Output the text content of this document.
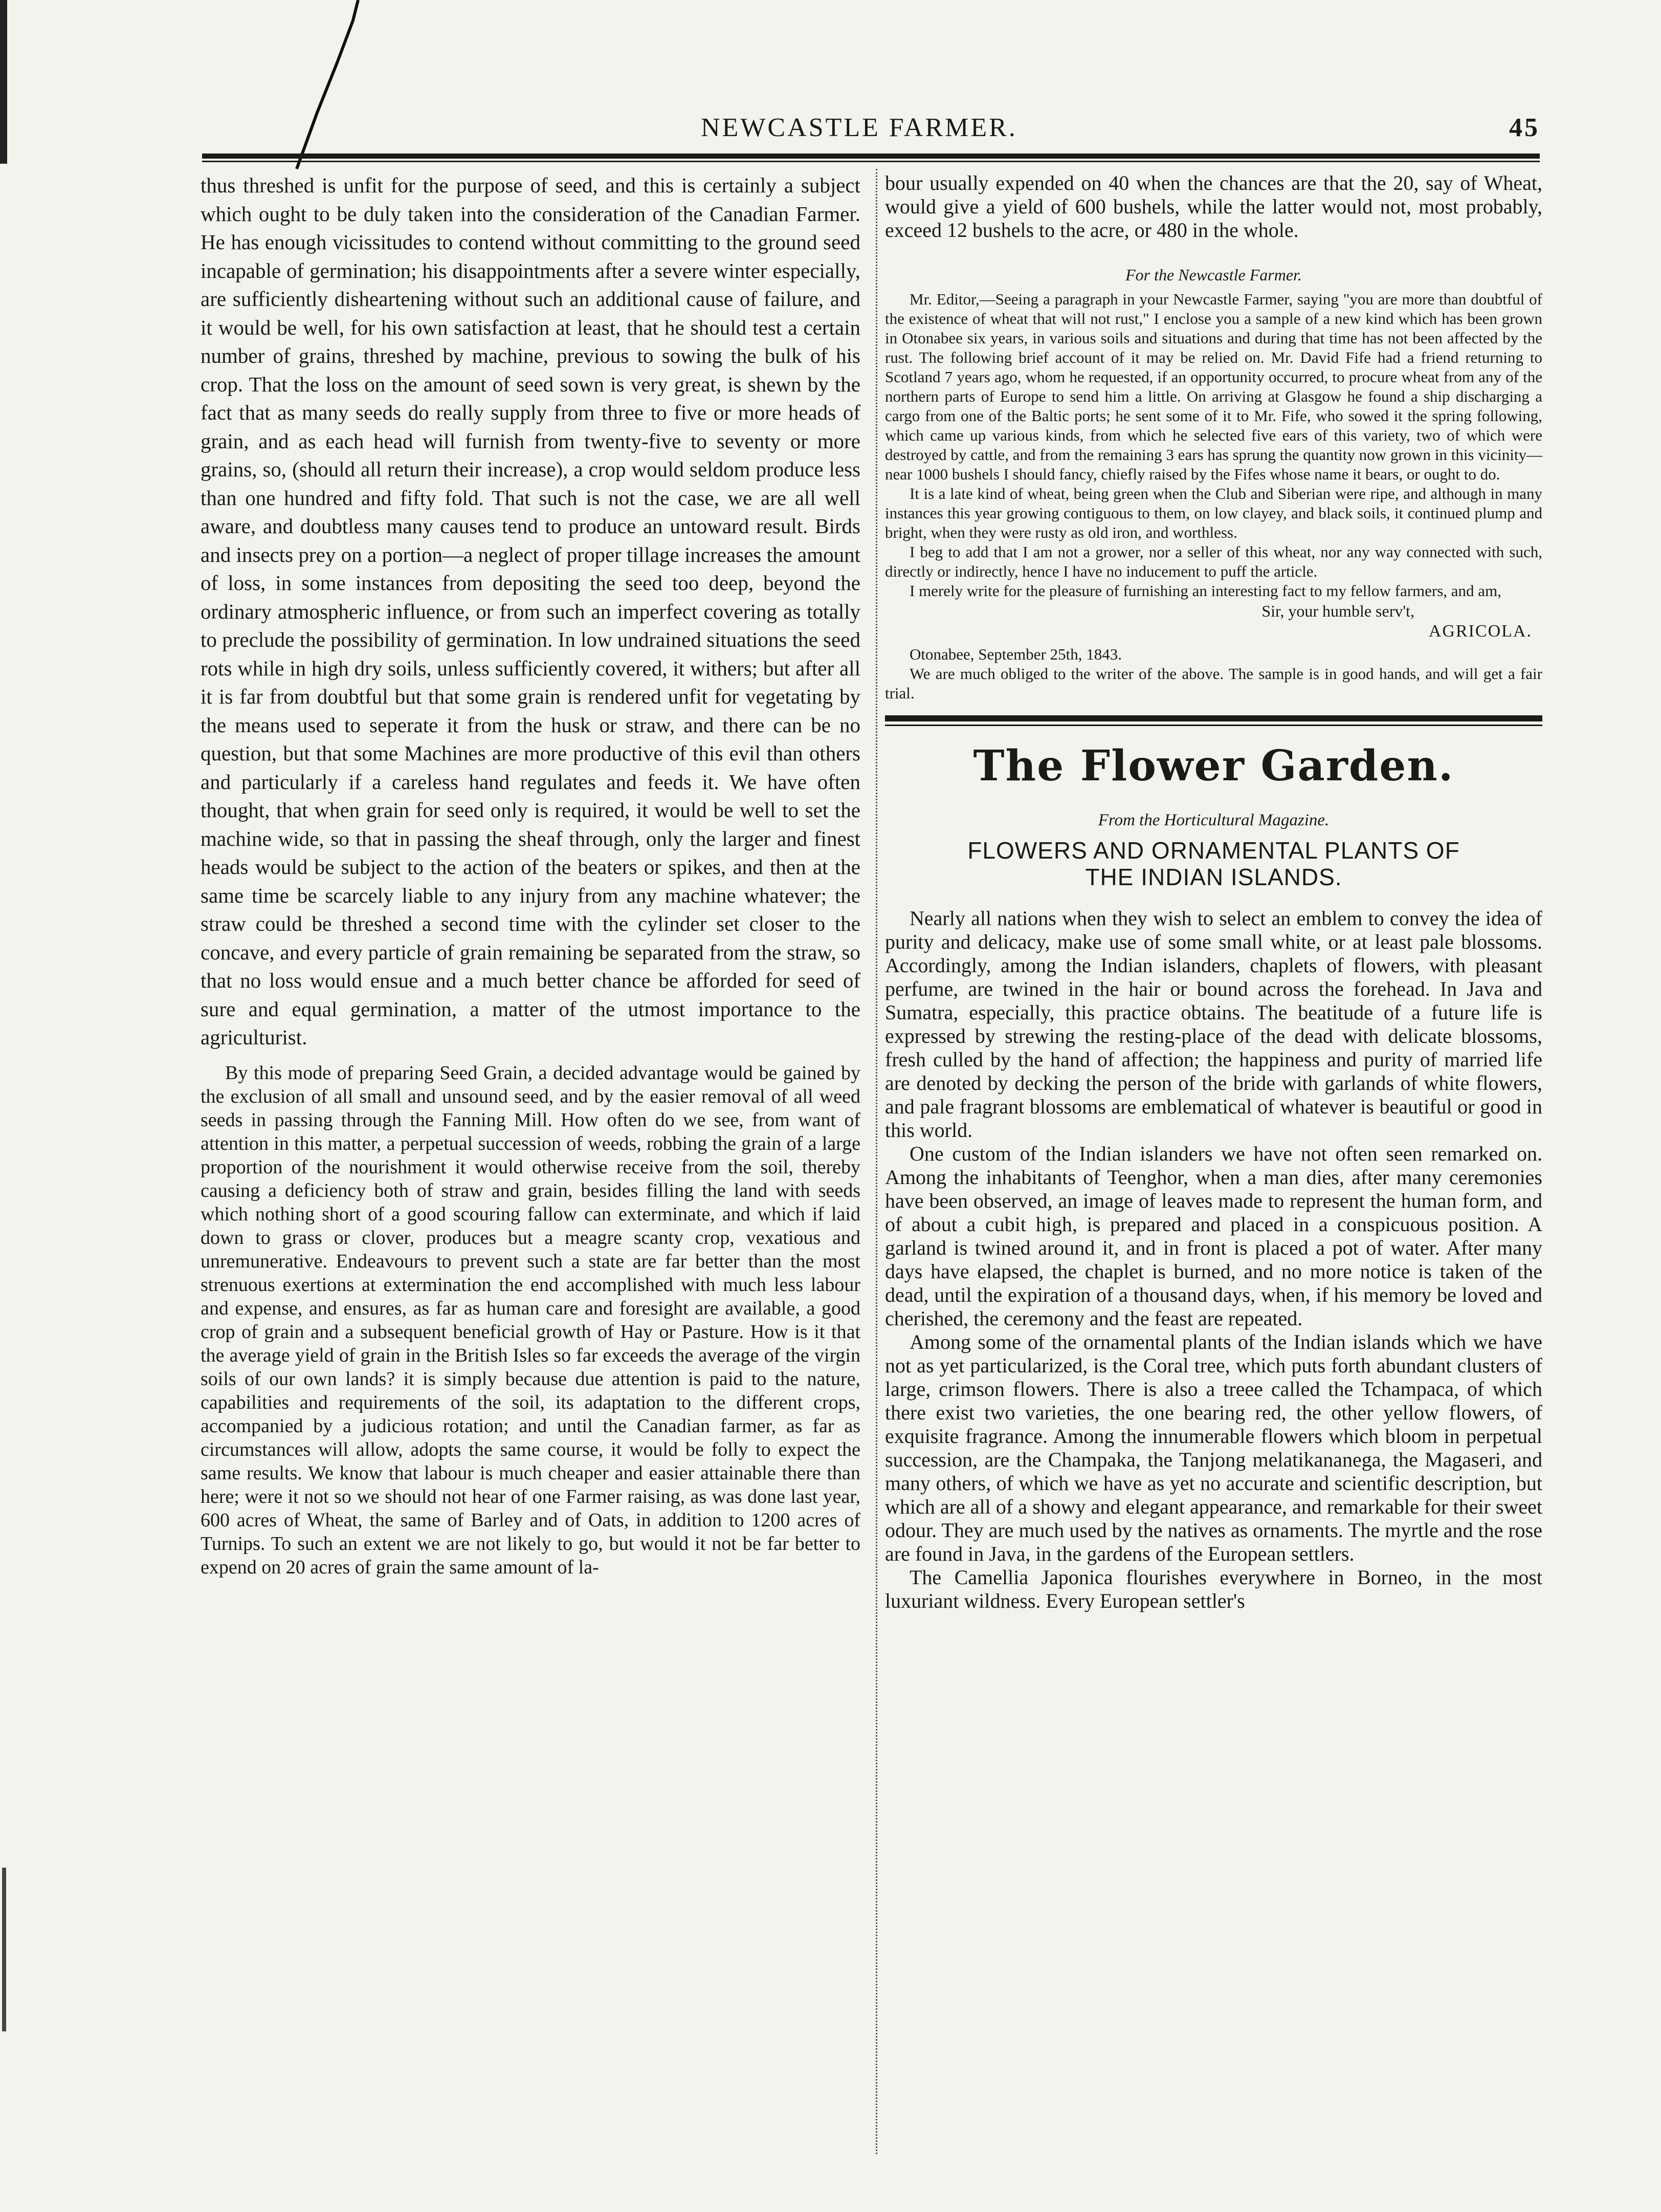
NEWCASTLE FARMER.	45

thus threshed is unfit for the purpose of seed, and this is certainly a subject which ought to be duly taken into the consideration of the Canadian Farmer. He has enough vicissitudes to contend without committing to the ground seed incapable of germination; his disappointments after a severe winter especially, are sufficiently disheartening without such an additional cause of failure, and it would be well, for his own satisfaction at least, that he should test a certain number of grains, threshed by machine, previous to sowing the bulk of his crop. That the loss on the amount of seed sown is very great, is shewn by the fact that as many seeds do really supply from three to five or more heads of grain, and as each head will furnish from twenty-five to seventy or more grains, so, (should all return their increase), a crop would seldom produce less than one hundred and fifty fold. That such is not the case, we are all well aware, and doubtless many causes tend to produce an untoward result. Birds and insects prey on a portion—a neglect of proper tillage increases the amount of loss, in some instances from depositing the seed too deep, beyond the ordinary atmospheric influence, or from such an imperfect covering as totally to preclude the possibility of germination. In low undrained situations the seed rots while in high dry soils, unless sufficiently covered, it withers; but after all it is far from doubtful but that some grain is rendered unfit for vegetating by the means used to seperate it from the husk or straw, and there can be no question, but that some Machines are more productive of this evil than others and particularly if a careless hand regulates and feeds it. We have often thought, that when grain for seed only is required, it would be well to set the machine wide, so that in passing the sheaf through, only the larger and finest heads would be subject to the action of the beaters or spikes, and then at the same time be scarcely liable to any injury from any machine whatever; the straw could be threshed a second time with the cylinder set closer to the concave, and every particle of grain remaining be separated from the straw, so that no loss would ensue and a much better chance be afforded for seed of sure and equal germination, a matter of the utmost importance to the agriculturist.

By this mode of preparing Seed Grain, a decided advantage would be gained by the exclusion of all small and unsound seed, and by the easier removal of all weed seeds in passing through the Fanning Mill. How often do we see, from want of attention in this matter, a perpetual succession of weeds, robbing the grain of a large proportion of the nourishment it would otherwise receive from the soil, thereby causing a deficiency both of straw and grain, besides filling the land with seeds which nothing short of a good scouring fallow can exterminate, and which if laid down to grass or clover, produces but a meagre scanty crop, vexatious and unremunerative. Endeavours to prevent such a state are far better than the most strenuous exertions at extermination the end accomplished with much less labour and expense, and ensures, as far as human care and foresight are available, a good crop of grain and a subsequent beneficial growth of Hay or Pasture. How is it that the average yield of grain in the British Isles so far exceeds the average of the virgin soils of our own lands? it is simply because due attention is paid to the nature, capabilities and requirements of the soil, its adaptation to the different crops, accompanied by a judicious rotation; and until the Canadian farmer, as far as circumstances will allow, adopts the same course, it would be folly to expect the same results. We know that labour is much cheaper and easier attainable there than here; were it not so we should not hear of one Farmer raising, as was done last year, 600 acres of Wheat, the same of Barley and of Oats, in addition to 1200 acres of Turnips. To such an extent we are not likely to go, but would it not be far better to expend on 20 acres of grain the same amount of la-

bour usually expended on 40 when the chances are that the 20, say of Wheat, would give a yield of 600 bushels, while the latter would not, most probably, exceed 12 bushels to the acre, or 480 in the whole.

For the Newcastle Farmer.

Mr. Editor,—Seeing a paragraph in your Newcastle Farmer, saying "you are more than doubtful of the existence of wheat that will not rust," I enclose you a sample of a new kind which has been grown in Otonabee six years, in various soils and situations and during that time has not been affected by the rust. The following brief account of it may be relied on. Mr. David Fife had a friend returning to Scotland 7 years ago, whom he requested, if an opportunity occurred, to procure wheat from any of the northern parts of Europe to send him a little. On arriving at Glasgow he found a ship discharging a cargo from one of the Baltic ports; he sent some of it to Mr. Fife, who sowed it the spring following, which came up various kinds, from which he selected five ears of this variety, two of which were destroyed by cattle, and from the remaining 3 ears has sprung the quantity now grown in this vicinity—near 1000 bushels I should fancy, chiefly raised by the Fifes whose name it bears, or ought to do.

It is a late kind of wheat, being green when the Club and Siberian were ripe, and although in many instances this year growing contiguous to them, on low clayey, and black soils, it continued plump and bright, when they were rusty as old iron, and worthless.

I beg to add that I am not a grower, nor a seller of this wheat, nor any way connected with such, directly or indirectly, hence I have no inducement to puff the article.

I merely write for the pleasure of furnishing an interesting fact to my fellow farmers, and am,

Sir, your humble serv't,
AGRICOLA.

Otonabee, September 25th, 1843.

We are much obliged to the writer of the above. The sample is in good hands, and will get a fair trial.

The Flower Garden.
From the Horticultural Magazine.
FLOWERS AND ORNAMENTAL PLANTS OF
THE INDIAN ISLANDS.

Nearly all nations when they wish to select an emblem to convey the idea of purity and delicacy, make use of some small white, or at least pale blossoms. Accordingly, among the Indian islanders, chaplets of flowers, with pleasant perfume, are twined in the hair or bound across the forehead. In Java and Sumatra, especially, this practice obtains. The beatitude of a future life is expressed by strewing the resting-place of the dead with delicate blossoms, fresh culled by the hand of affection; the happiness and purity of married life are denoted by decking the person of the bride with garlands of white flowers, and pale fragrant blossoms are emblematical of whatever is beautiful or good in this world.

One custom of the Indian islanders we have not often seen remarked on. Among the inhabitants of Teenghor, when a man dies, after many ceremonies have been observed, an image of leaves made to represent the human form, and of about a cubit high, is prepared and placed in a conspicuous position. A garland is twined around it, and in front is placed a pot of water. After many days have elapsed, the chaplet is burned, and no more notice is taken of the dead, until the expiration of a thousand days, when, if his memory be loved and cherished, the ceremony and the feast are repeated.

Among some of the ornamental plants of the Indian islands which we have not as yet particularized, is the Coral tree, which puts forth abundant clusters of large, crimson flowers. There is also a treee called the Tchampaca, of which there exist two varieties, the one bearing red, the other yellow flowers, of exquisite fragrance. Among the innumerable flowers which bloom in perpetual succession, are the Champaka, the Tanjong melatikananega, the Magaseri, and many others, of which we have as yet no accurate and scientific description, but which are all of a showy and elegant appearance, and remarkable for their sweet odour. They are much used by the natives as ornaments. The myrtle and the rose are found in Java, in the gardens of the European settlers.

The Camellia Japonica flourishes everywhere in Borneo, in the most luxuriant wildness. Every European settler's
